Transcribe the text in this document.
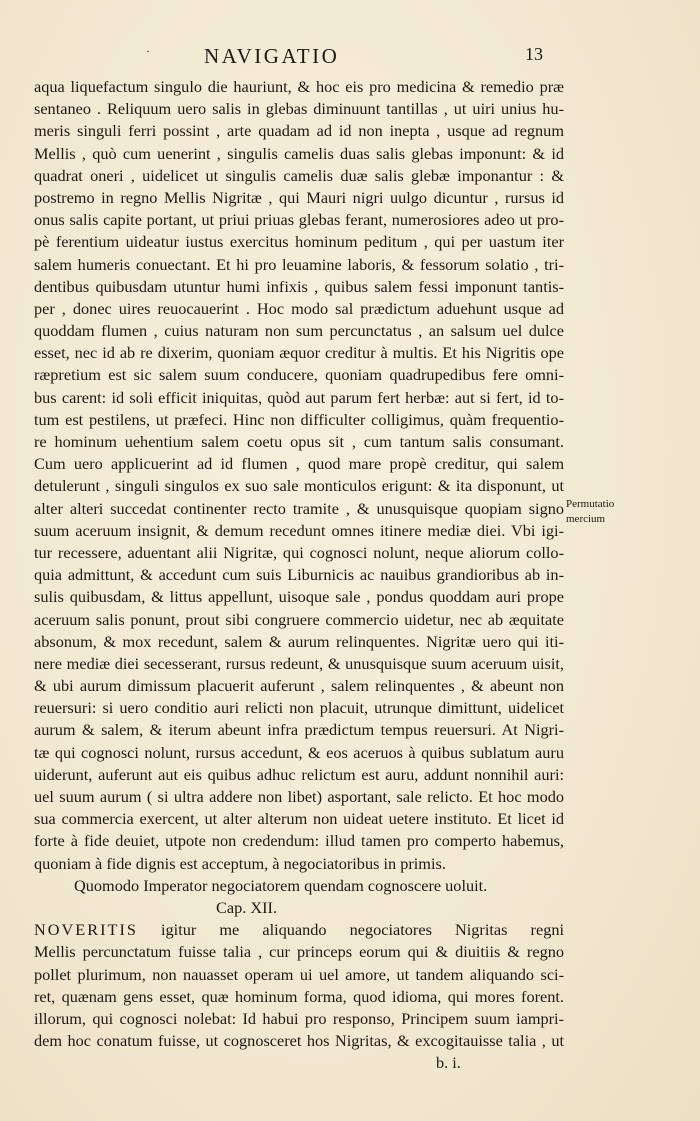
·	NAVIGATIO	13
aqua liquefactum singulo die hauriunt, & hoc eis pro medicina & remedio præ
sentaneo . Reliquum uero salis in glebas diminuunt tantillas , ut uiri unius hu-
meris singuli ferri possint , arte quadam ad id non inepta , usque ad regnum
Mellis , quò cum uenerint , singulis camelis duas salis glebas imponunt: & id
quadrat oneri , uidelicet ut singulis camelis duæ salis glebæ imponantur : &
postremo in regno Mellis Nigritæ , qui Mauri nigri uulgo dicuntur , rursus id
onus salis capite portant, ut priui priuas glebas ferant, numerosiores adeo ut pro-
pè ferentium uideatur iustus exercitus hominum peditum , qui per uastum iter
salem humeris conuectant. Et hi pro leuamine laboris, & fessorum solatio , tri-
dentibus quibusdam utuntur humi infixis , quibus salem fessi imponunt tantis-
per , donec uires reuocauerint . Hoc modo sal prædictum aduehunt usque ad
quoddam flumen , cuius naturam non sum percunctatus , an salsum uel dulce
esset, nec id ab re dixerim, quoniam æquor creditur à multis. Et his Nigritis ope
ræpretium est sic salem suum conducere, quoniam quadrupedibus fere omni-
bus carent: id soli efficit iniquitas, quòd aut parum fert herbæ: aut si fert, id to-
tum est pestilens, ut præfeci. Hinc non difficulter colligimus, quàm frequentio-
re hominum uehentium salem coetu opus sit , cum tantum salis consumant.
Cum uero applicuerint ad id flumen , quod mare propè creditur, qui salem
detulerunt , singuli singulos ex suo sale monticulos erigunt: & ita disponunt, ut
alter alteri succedat continenter recto tramite , & unusquisque quopiam signo
suum aceruum insignit, & demum recedunt omnes itinere mediæ diei. Vbi igi-
tur recessere, aduentant alii Nigritæ, qui cognosci nolunt, neque aliorum collo-
quia admittunt, & accedunt cum suis Liburnicis ac nauibus grandioribus ab in-
sulis quibusdam, & littus appellunt, uisoque sale , pondus quoddam auri prope
aceruum salis ponunt, prout sibi congruere commercio uidetur, nec ab æquitate
absonum, & mox recedunt, salem & aurum relinquentes. Nigritæ uero qui iti-
nere mediæ diei secesserant, rursus redeunt, & unusquisque suum aceruum uisit,
& ubi aurum dimissum placuerit auferunt , salem relinquentes , & abeunt non
reuersuri: si uero conditio auri relicti non placuit, utrunque dimittunt, uidelicet
aurum & salem, & iterum abeunt infra prædictum tempus reuersuri. At Nigri-
tæ qui cognosci nolunt, rursus accedunt, & eos aceruos à quibus sublatum auru
uiderunt, auferunt aut eis quibus adhuc relictum est auru, addunt nonnihil auri:
uel suum aurum ( si ultra addere non libet) asportant, sale relicto. Et hoc modo
sua commercia exercent, ut alter alterum non uideat uetere instituto. Et licet id
forte à fide deuiet, utpote non credendum: illud tamen pro comperto habemus,
quoniam à fide dignis est acceptum, à negociatoribus in primis.
Quomodo Imperator negociatorem quendam cognoscere uoluit.
Cap. XII.
NOVERITIS igitur me aliquando negociatores Nigritas regni
Mellis percunctatum fuisse talia , cur princeps eorum qui & diuitiis & regno
pollet plurimum, non nauasset operam ui uel amore, ut tandem aliquando sci-
ret, quænam gens esset, quæ hominum forma, quod idioma, qui mores forent.
illorum, qui cognosci nolebat: Id habui pro responso, Principem suum iampri-
dem hoc conatum fuisse, ut cognosceret hos Nigritas, & excogitauisse talia , ut
b. i.
Permutatio
mercium
